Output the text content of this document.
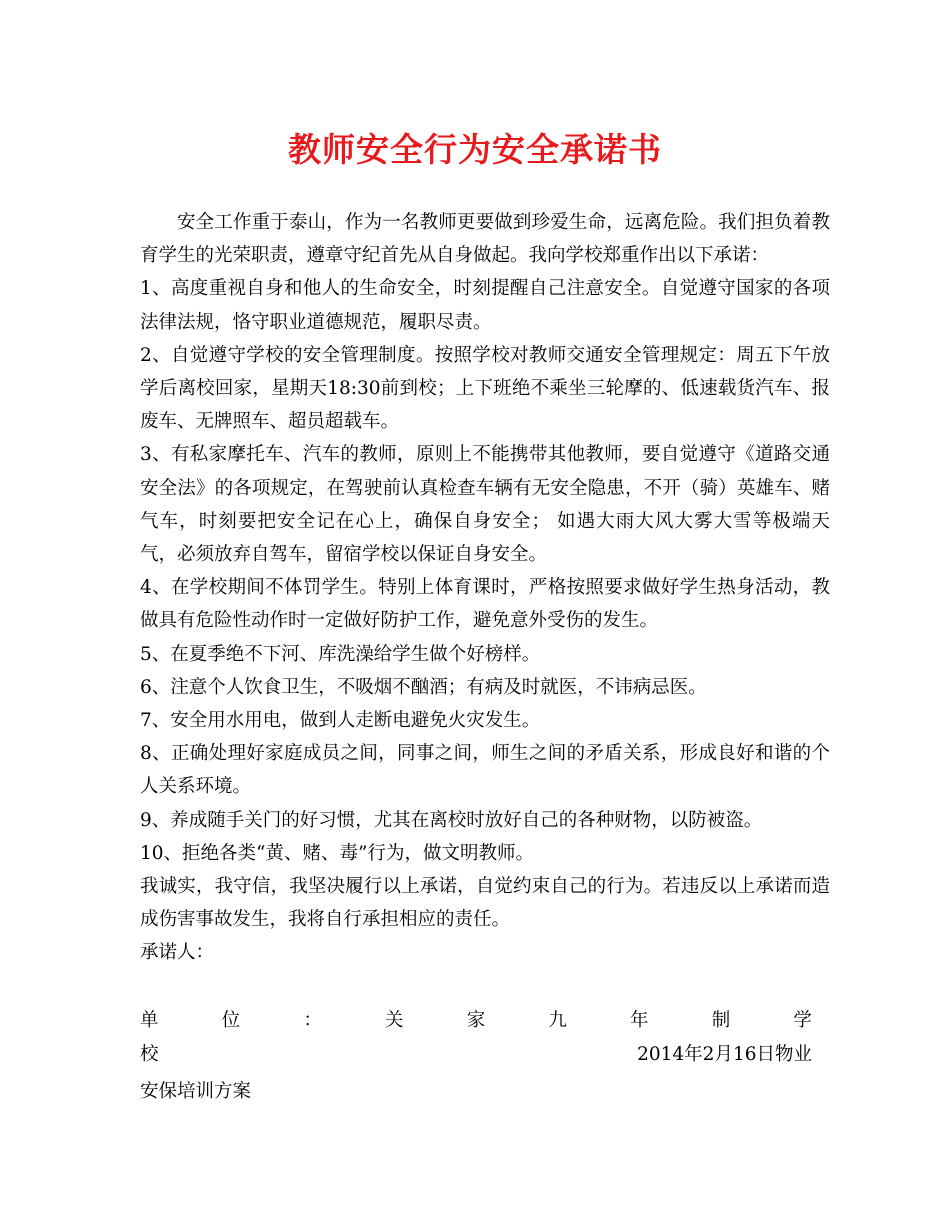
教师安全行为安全承诺书

安全工作重于泰山，作为一名教师更要做到珍爱生命，远离危险。我们担负着教育学生的光荣职责，遵章守纪首先从自身做起。我向学校郑重作出以下承诺：

1、高度重视自身和他人的生命安全，时刻提醒自己注意安全。自觉遵守国家的各项法律法规，恪守职业道德规范，履职尽责。

2、自觉遵守学校的安全管理制度。按照学校对教师交通安全管理规定：周五下午放学后离校回家，星期天18:30前到校；上下班绝不乘坐三轮摩的、低速载货汽车、报废车、无牌照车、超员超载车。

3、有私家摩托车、汽车的教师，原则上不能携带其他教师，要自觉遵守《道路交通安全法》的各项规定，在驾驶前认真检查车辆有无安全隐患，不开（骑）英雄车、赌气车，时刻要把安全记在心上，确保自身安全； 如遇大雨大风大雾大雪等极端天气，必须放弃自驾车，留宿学校以保证自身安全。

4、在学校期间不体罚学生。特别上体育课时，严格按照要求做好学生热身活动，教做具有危险性动作时一定做好防护工作，避免意外受伤的发生。

5、在夏季绝不下河、库洗澡给学生做个好榜样。

6、注意个人饮食卫生，不吸烟不酗酒；有病及时就医，不讳病忌医。

7、安全用水用电，做到人走断电避免火灾发生。

8、正确处理好家庭成员之间，同事之间，师生之间的矛盾关系，形成良好和谐的个人关系环境。

9、养成随手关门的好习惯，尤其在离校时放好自己的各种财物，以防被盗。

10、拒绝各类“黄、赌、毒”行为，做文明教师。

我诚实，我守信，我坚决履行以上承诺，自觉约束自己的行为。若违反以上承诺而造成伤害事故发生，我将自行承担相应的责任。

承诺人：

单	位	：	关	家	九	年	制	学
校	2014年2月16日物业
安保培训方案
